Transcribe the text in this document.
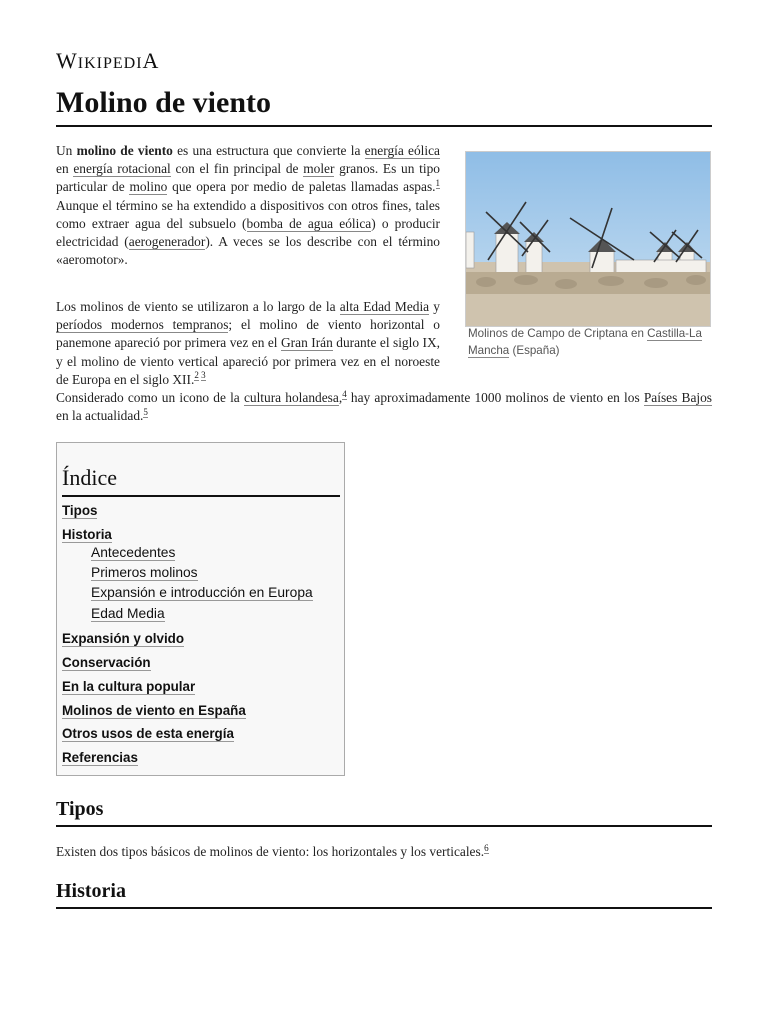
WIKIPEDIA
Molino de viento

Un molino de viento es una estructura que convierte la energía eólica en energía rotacional con el fin principal de moler granos. Es un tipo particular de molino que opera por medio de paletas llamadas aspas.$^1$ Aunque el término se ha extendido a dispositivos con otros fines, tales como extraer agua del subsuelo (bomba de agua eólica) o producir electricidad (aerogenerador). A veces se los describe con el término «aeromotor».

Molinos de Campo de Criptana en Castilla-La Mancha (España)

Los molinos de viento se utilizaron a lo largo de la alta Edad Media y períodos modernos tempranos; el molino de viento horizontal o panemone apareció por primera vez en el Gran Irán durante el siglo IX, y el molino de viento vertical apareció por primera vez en el noroeste de Europa en el siglo XII.$^{2 3}$

Considerado como un icono de la cultura holandesa,$^4$ hay aproximadamente 1000 molinos de viento en los Países Bajos en la actualidad.$^5$

Índice
Tipos
Historia
Antecedentes
Primeros molinos
Expansión e introducción en Europa
Edad Media
Expansión y olvido
Conservación
En la cultura popular
Molinos de viento en España
Otros usos de esta energía
Referencias
Tipos

Existen dos tipos básicos de molinos de viento: los horizontales y los verticales.$^6$

Historia
